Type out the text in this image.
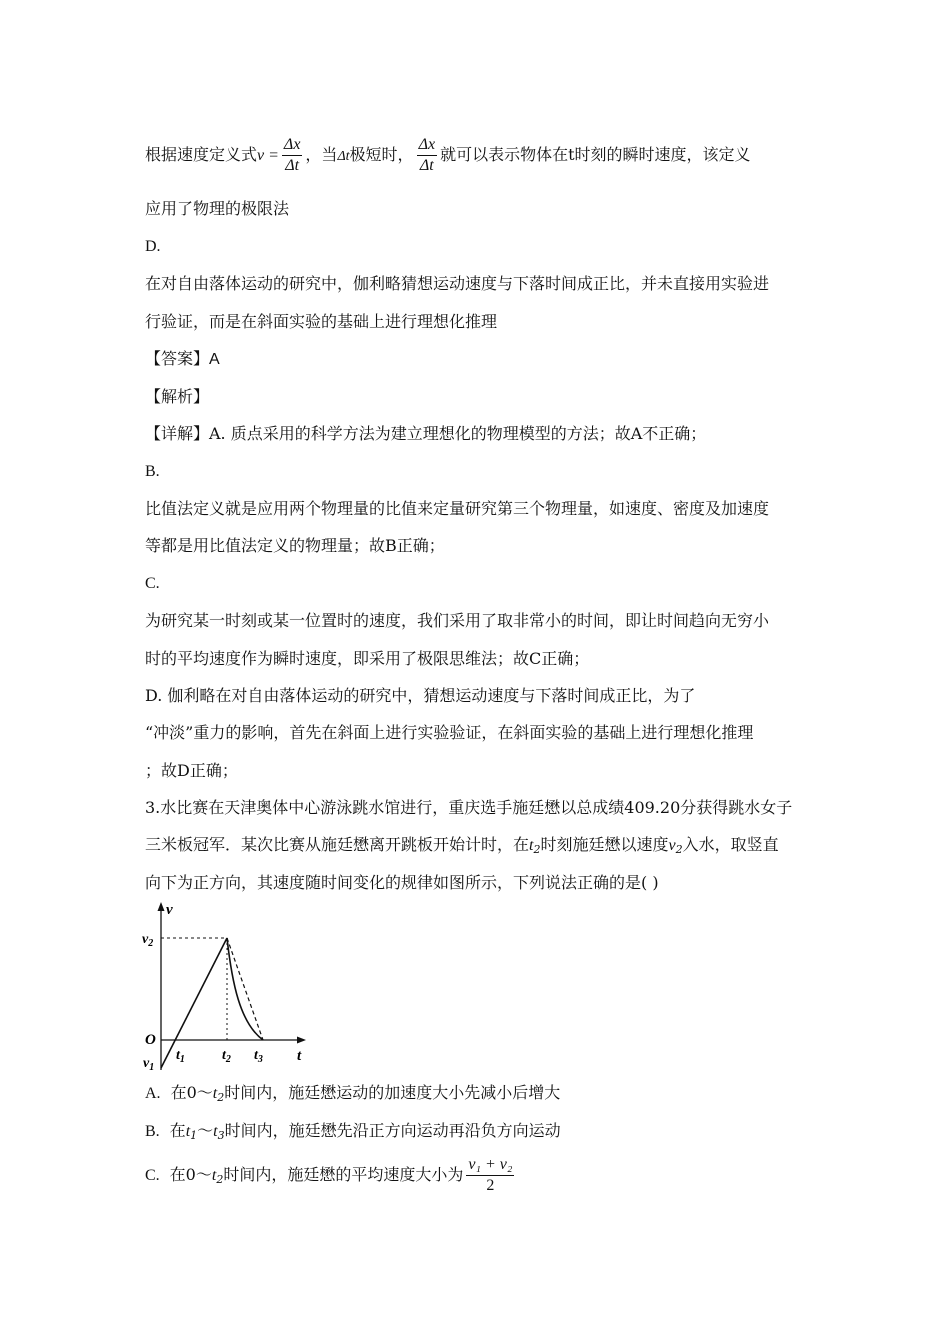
根据速度定义式$v = \frac{\Delta x}{\Delta t}$ ，当Δt极短时， $\frac{\Delta x}{\Delta t}$ 就可以表示物体在t时刻的瞬时速度，该定义
应用了物理的极限法
D.
在对自由落体运动的研究中，伽利略猜想运动速度与下落时间成正比，并未直接用实验进
行验证，而是在斜面实验的基础上进行理想化推理
【答案】A
【解析】
【详解】A. 质点采用的科学方法为建立理想化的物理模型的方法；故A不正确；
B.
比值法定义就是应用两个物理量的比值来定量研究第三个物理量，如速度、密度及加速度
等都是用比值法定义的物理量；故B正确；
C.
为研究某一时刻或某一位置时的速度，我们采用了取非常小的时间，即让时间趋向无穷小
时的平均速度作为瞬时速度，即采用了极限思维法；故C正确；
D. 伽利略在对自由落体运动的研究中，猜想运动速度与下落时间成正比，为了
“冲淡”重力的影响，首先在斜面上进行实验验证，在斜面实验的基础上进行理想化推理
；故D正确；
3.水比赛在天津奥体中心游泳跳水馆进行，重庆选手施廷懋以总成绩409.20分获得跳水女子
三米板冠军．某次比赛从施廷懋离开跳板开始计时，在$t_2$时刻施廷懋以速度$v_2$入水，取竖直
向下为正方向，其速度随时间变化的规律如图所示，下列说法正确的是( )
v
t
O
$v_2$
$v_1$
$t_1$	$t_2$ $t_3$
A. 在$0\sim t_2$时间内，施廷懋运动的加速度大小先减小后增大
B. 在$t_1\sim t_3$时间内，施廷懋先沿正方向运动再沿负方向运动
C. 在$0\sim t_2$时间内，施廷懋的平均速度大小为 $\frac{\text{v₁ + v₂}}{2}$
